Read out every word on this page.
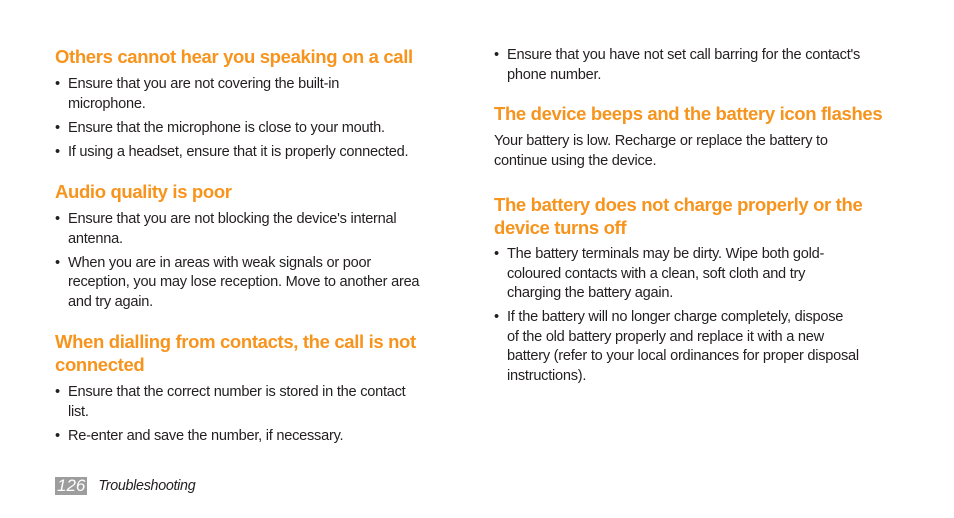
Others cannot hear you speaking on a call
• Ensure that you are not covering the built-in
microphone.
• Ensure that the microphone is close to your mouth.
• If using a headset, ensure that it is properly connected.
Audio quality is poor
• Ensure that you are not blocking the device's internal
antenna.
• When you are in areas with weak signals or poor
reception, you may lose reception. Move to another area
and try again.
When dialling from contacts, the call is not
connected
• Ensure that the correct number is stored in the contact
list.
• Re-enter and save the number, if necessary.
• Ensure that you have not set call barring for the contact's
phone number.
The device beeps and the battery icon flashes

Your battery is low. Recharge or replace the battery to
continue using the device.

The battery does not charge properly or the
device turns off
• The battery terminals may be dirty. Wipe both gold-
coloured contacts with a clean, soft cloth and try
charging the battery again.
• If the battery will no longer charge completely, dispose
of the old battery properly and replace it with a new
battery (refer to your local ordinances for proper disposal
instructions).
126 Troubleshooting
